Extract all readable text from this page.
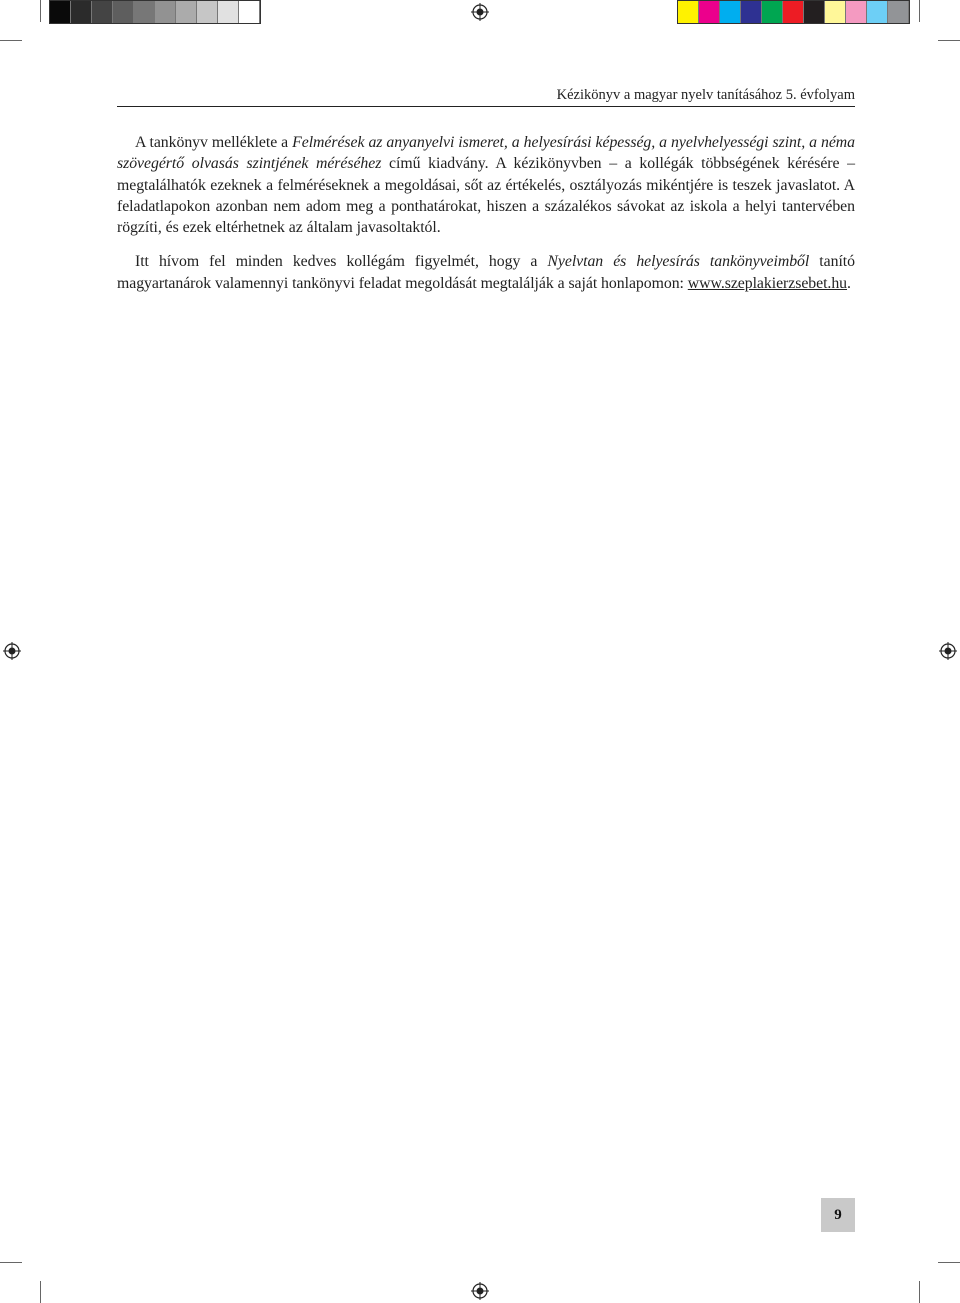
Kézikönyv a magyar nyelv tanításához 5. évfolyam

A tankönyv melléklete a Felmérések az anyanyelvi ismeret, a helyesírási képesség, a nyelvhelyességi szint, a néma szövegértő olvasás szintjének méréséhez című kiadvány. A kézikönyvben – a kollégák többségének kérésére – megtalálhatók ezeknek a felméréseknek a megoldásai, sőt az értékelés, osztályozás mikéntjére is teszek javaslatot. A feladatlapokon azonban nem adom meg a ponthatárokat, hiszen a százalékos sávokat az iskola a helyi tantervében rögzíti, és ezek eltérhetnek az általam javasoltaktól.

Itt hívom fel minden kedves kollégám figyelmét, hogy a Nyelvtan és helyesírás tankönyveimből tanító magyartanárok valamennyi tankönyvi feladat megoldását megtalálják a saját honlapomon: www.szeplakierzsebet.hu.

9
